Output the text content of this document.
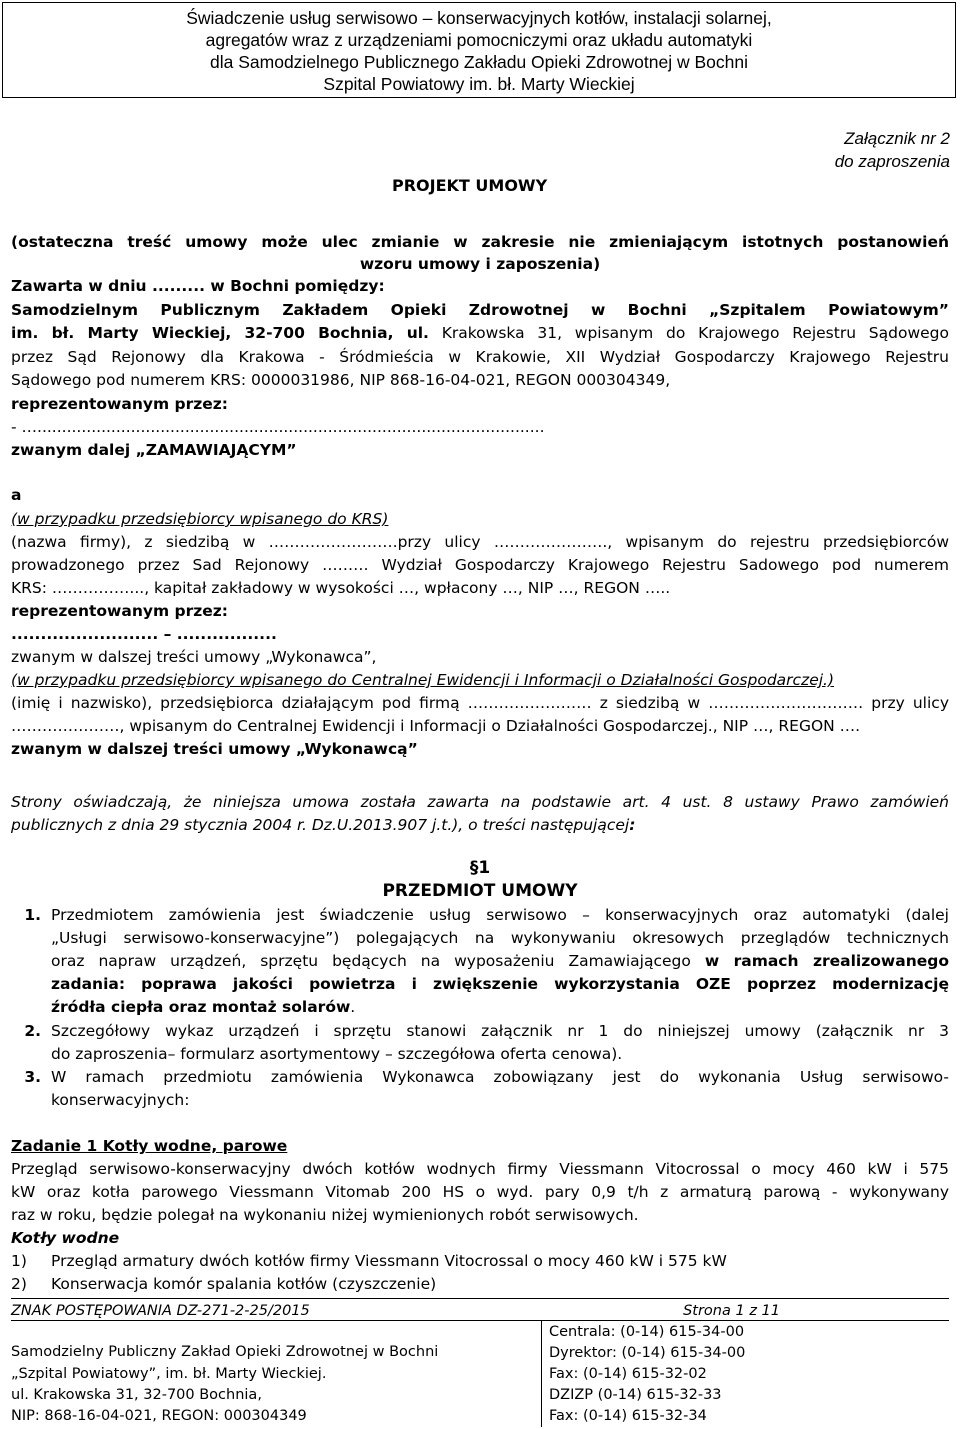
Świadczenie usług serwisowo – konserwacyjnych kotłów, instalacji solarnej,
agregatów wraz z urządzeniami pomocniczymi oraz układu automatyki
dla Samodzielnego Publicznego Zakładu Opieki Zdrowotnej w Bochni
Szpital Powiatowy im. bł. Marty Wieckiej
PROJEKT UMOWY
Załącznik nr 2
do zaproszenia
(ostateczna treść umowy może ulec zmianie w zakresie nie zmieniającym istotnych postanowień
wzoru umowy i zaposzenia)
Zawarta w dniu ......... w Bochni pomiędzy:
Samodzielnym Publicznym Zakładem Opieki Zdrowotnej w Bochni „Szpitalem Powiatowym”
im. bł. Marty Wieckiej, 32-700 Bochnia, ul. Krakowska 31, wpisanym do Krajowego Rejestru Sądowego
przez Sąd Rejonowy dla Krakowa - Śródmieścia w Krakowie, XII Wydział Gospodarczy Krajowego Rejestru
Sądowego pod numerem KRS: 0000031986, NIP 868-16-04-021, REGON 000304349,
reprezentowanym przez:
- ….......................................................................................................
zwanym dalej „ZAMAWIAJĄCYM”
a
(w przypadku przedsiębiorcy wpisanego do KRS)
(nazwa firmy), z siedzibą w …………………….przy ulicy …………………., wpisanym do rejestru przedsiębiorców
prowadzonego przez Sad Rejonowy ……… Wydział Gospodarczy Krajowego Rejestru Sadowego pod numerem
KRS: ……………..., kapitał zakładowy w wysokości …, wpłacony …, NIP …, REGON …..
reprezentowanym przez:
......................... – .................
zwanym w dalszej treści umowy „Wykonawca”,
(w przypadku przedsiębiorcy wpisanego do Centralnej Ewidencji i Informacji o Działalności Gospodarczej.)
(imię i nazwisko), przedsiębiorca działającym pod firmą …………………… z siedzibą w ………………………… przy ulicy
…………………, wpisanym do Centralnej Ewidencji i Informacji o Działalności Gospodarczej., NIP …, REGON ….
zwanym w dalszej treści umowy „Wykonawcą”
Strony oświadczają, że niniejsza umowa została zawarta na podstawie art. 4 ust. 8 ustawy Prawo zamówień
publicznych z dnia 29 stycznia 2004 r. Dz.U.2013.907 j.t.), o treści następującej:
§1
PRZEDMIOT UMOWY
1. Przedmiotem zamówienia jest świadczenie usług serwisowo – konserwacyjnych oraz automatyki (dalej
„Usługi serwisowo-konserwacyjne”) polegających na wykonywaniu okresowych przeglądów technicznych
oraz napraw urządzeń, sprzętu będących na wyposażeniu Zamawiającego w ramach zrealizowanego
zadania: poprawa jakości powietrza i zwiększenie wykorzystania OZE poprzez modernizację
źródła ciepła oraz montaż solarów.
2. Szczegółowy wykaz urządzeń i sprzętu stanowi załącznik nr 1 do niniejszej umowy (załącznik nr 3
do zaproszenia– formularz asortymentowy – szczegółowa oferta cenowa).
3. W ramach przedmiotu zamówienia Wykonawca zobowiązany jest do wykonania Usług serwisowo-
konserwacyjnych:
Zadanie 1 Kotły wodne, parowe
Przegląd serwisowo-konserwacyjny dwóch kotłów wodnych firmy Viessmann Vitocrossal o mocy 460 kW i 575
kW oraz kotła parowego Viessmann Vitomab 200 HS o wyd. pary 0,9 t/h z armaturą parową - wykonywany
raz w roku, będzie polegał na wykonaniu niżej wymienionych robót serwisowych.
Kotły wodne
1) Przegląd armatury dwóch kotłów firmy Viessmann Vitocrossal o mocy 460 kW i 575 kW
2) Konserwacja komór spalania kotłów (czyszczenie)
ZNAK POSTĘPOWANIA DZ-271-2-25/2015	Strona 1 z 11
Samodzielny Publiczny Zakład Opieki Zdrowotnej w Bochni
„Szpital Powiatowy”, im. bł. Marty Wieckiej.
ul. Krakowska 31, 32-700 Bochnia,
NIP: 868-16-04-021, REGON: 000304349
Centrala: (0-14) 615-34-00
Dyrektor: (0-14) 615-34-00
Fax: (0-14) 615-32-02
DZIZP (0-14) 615-32-33
Fax: (0-14) 615-32-34
